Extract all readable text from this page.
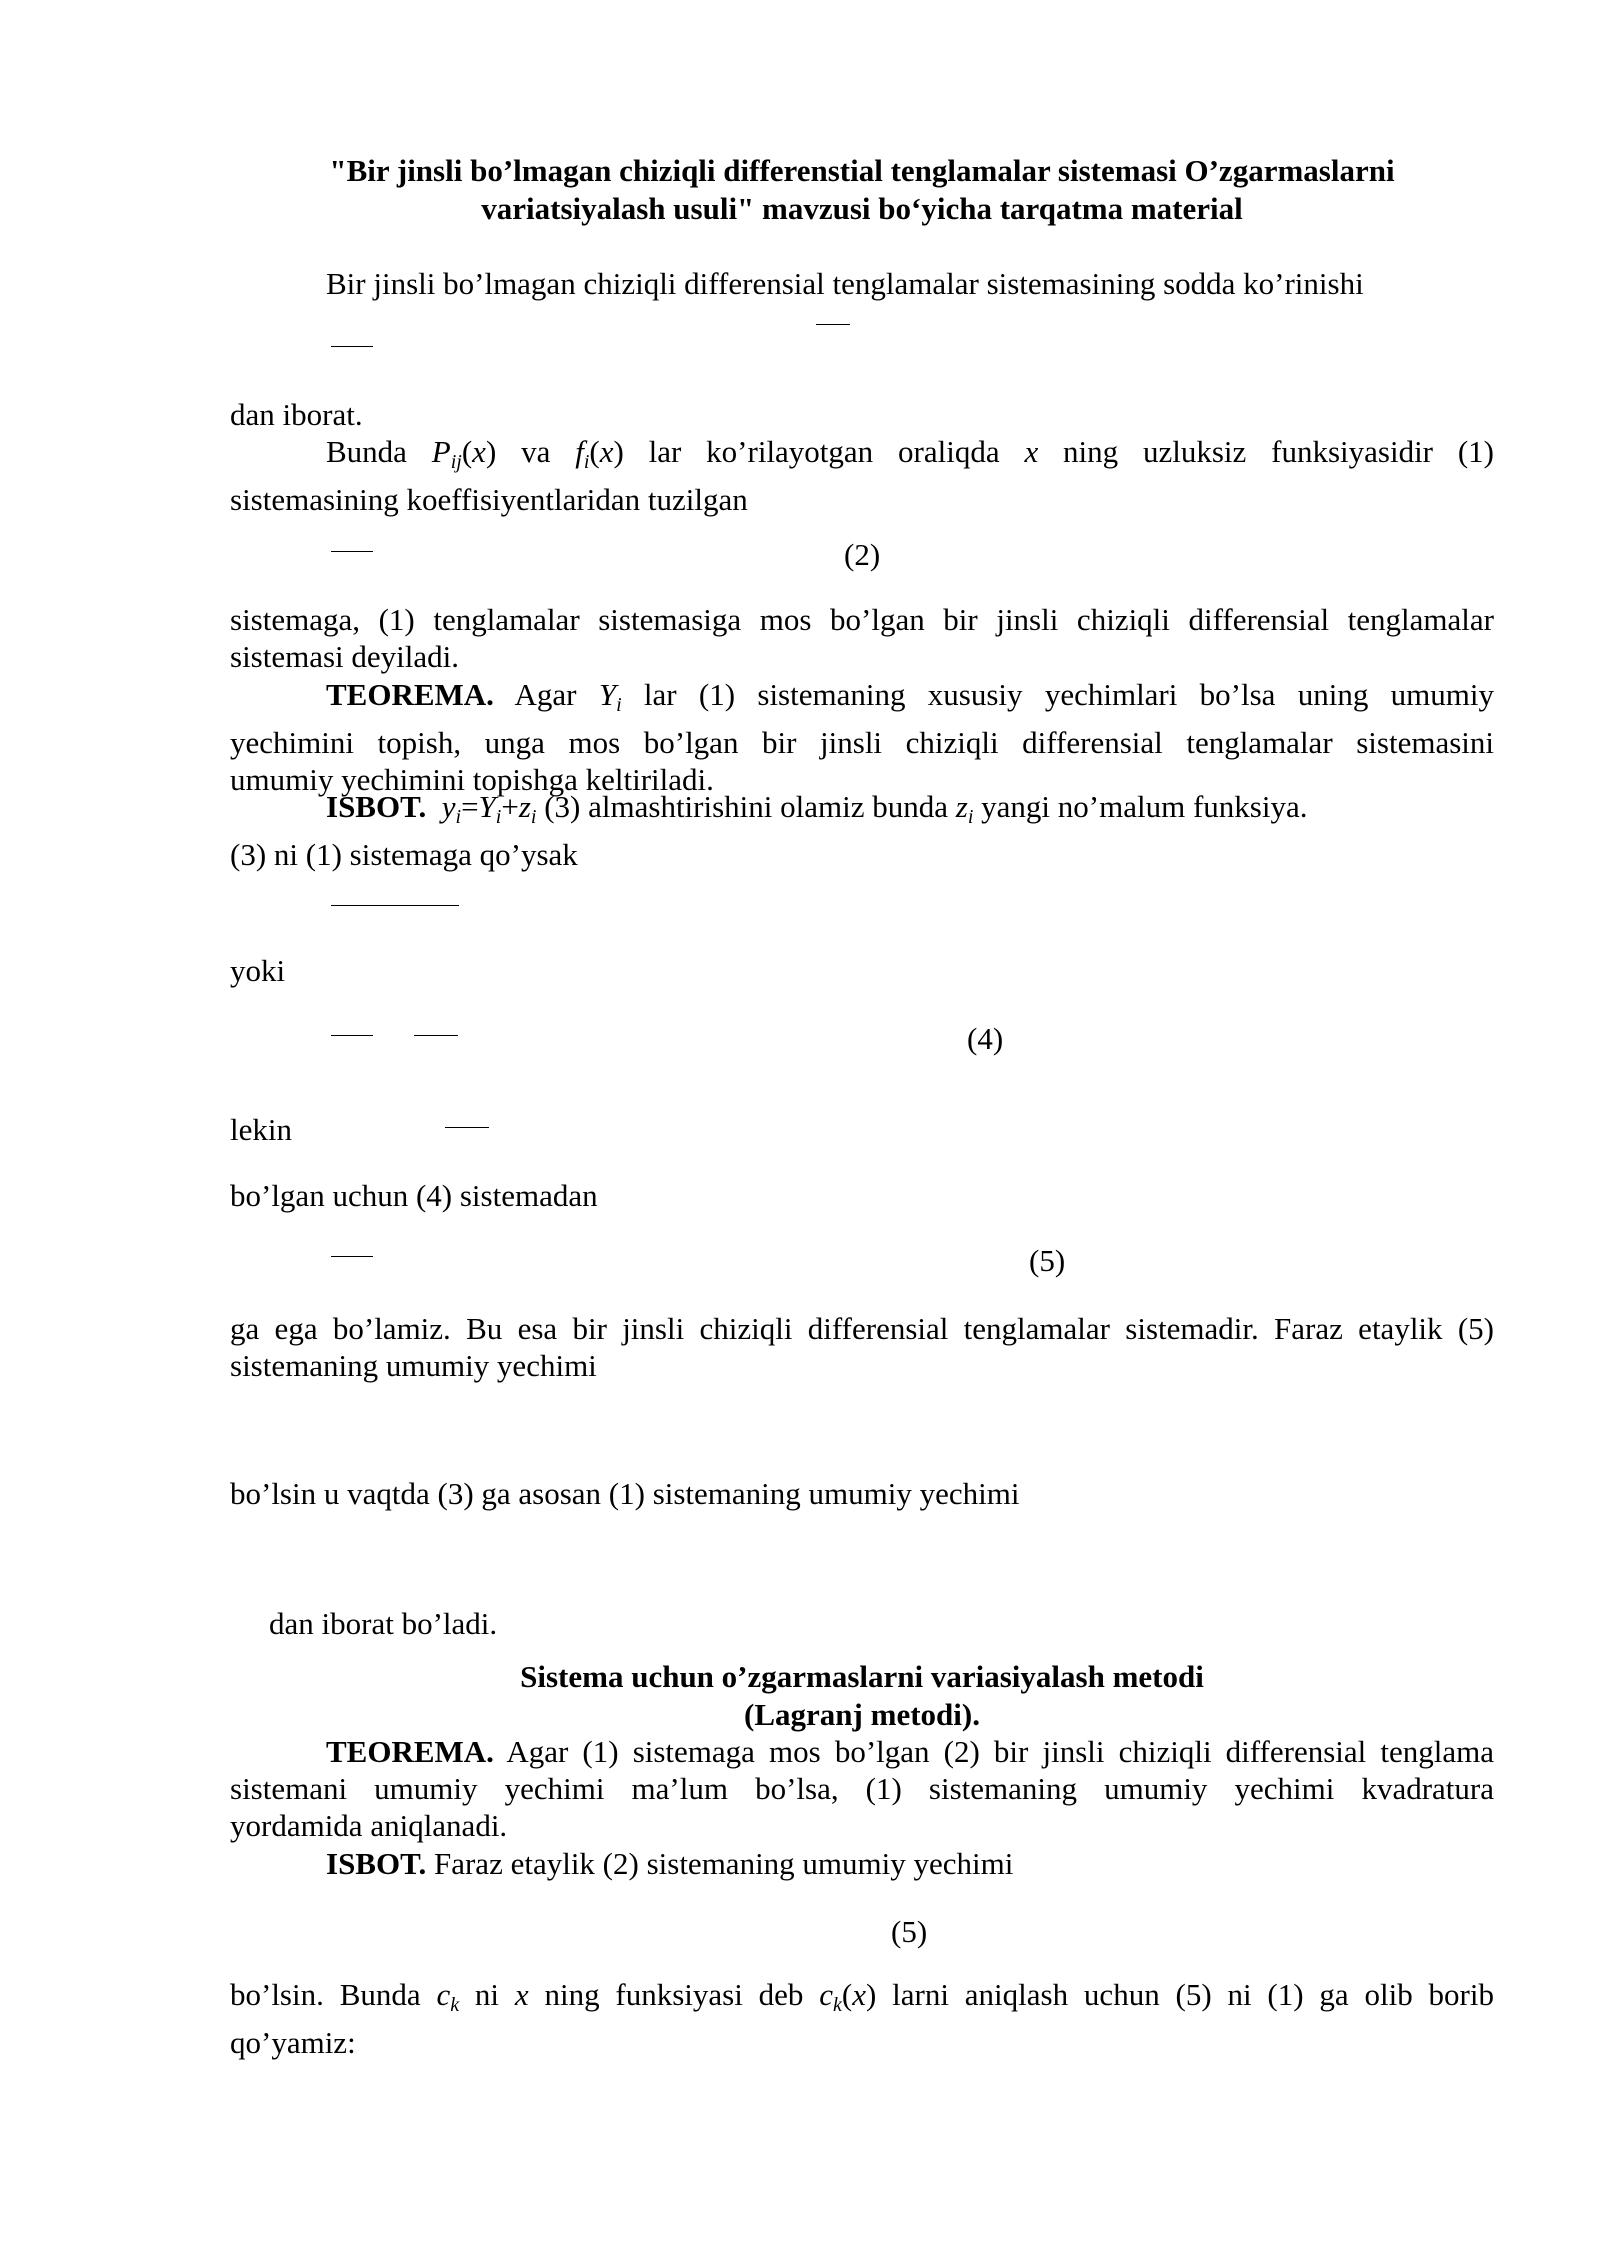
"Bir jinsli bo’lmagan chiziqli differenstial tenglamalar sistemasi O’zgarmaslarni
variatsiyalash usuli" mavzusi bo‘yicha tarqatma material
Bir jinsli bo’lmagan chiziqli differensial tenglamalar sistemasining sodda ko’rinishi
dan iborat.
Bunda $P_{ij}(x)$ va $f_i(x)$ lar ko’rilayotgan oraliqda x ning uzluksiz funksiyasidir (1)
sistemasining koeffisiyentlaridan tuzilgan
(2)
sistemaga, (1) tenglamalar sistemasiga mos bo’lgan bir jinsli chiziqli differensial tenglamalar
sistemasi deyiladi.
TEOREMA. Agar $Y_i$ lar (1) sistemaning xususiy yechimlari bo’lsa uning umumiy
yechimini topish, unga mos bo’lgan bir jinsli chiziqli differensial tenglamalar sistemasini
umumiy yechimini topishga keltiriladi.
ISBOT. $y_i=Y_i+z_i$ (3) almashtirishini olamiz bunda $z_i$ yangi no’malum funksiya.
(3) ni (1) sistemaga qo’ysak
yoki
(4)
lekin
bo’lgan uchun (4) sistemadan
(5)
ga ega bo’lamiz. Bu esa bir jinsli chiziqli differensial tenglamalar sistemadir. Faraz etaylik (5)
sistemaning umumiy yechimi
bo’lsin u vaqtda (3) ga asosan (1) sistemaning umumiy yechimi
dan iborat bo’ladi.
Sistema uchun o’zgarmaslarni variasiyalash metodi
(Lagranj metodi).
TEOREMA. Agar (1) sistemaga mos bo’lgan (2) bir jinsli chiziqli differensial tenglama
sistemani umumiy yechimi ma’lum bo’lsa, (1) sistemaning umumiy yechimi kvadratura
yordamida aniqlanadi.
ISBOT. Faraz etaylik (2) sistemaning umumiy yechimi
(5)
bo’lsin. Bunda $c_k$ ni x ning funksiyasi deb $c_k(x)$ larni aniqlash uchun (5) ni (1) ga olib borib
qo’yamiz:
